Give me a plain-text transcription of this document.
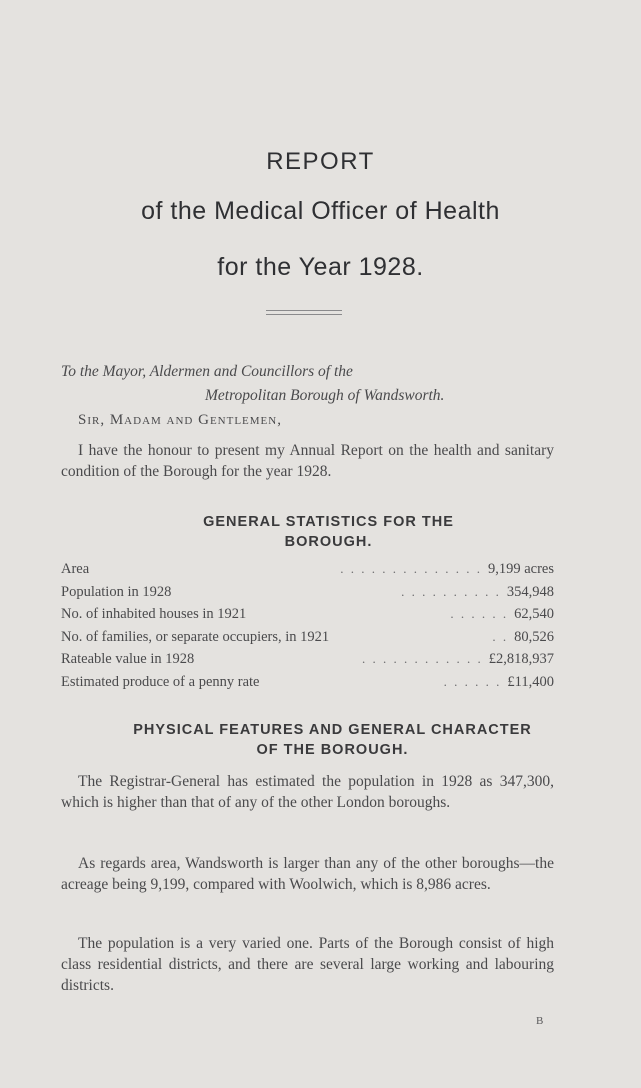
REPORT
of the Medical Officer of Health
for the Year 1928.
To the Mayor, Aldermen and Councillors of the
Metropolitan Borough of Wandsworth.
Sir, Madam and Gentlemen,
I have the honour to present my Annual Report on the health and sanitary condition of the Borough for the year 1928.
GENERAL STATISTICS FOR THE
BOROUGH.
Area	. . . . . . . . . . . . . . 9,199 acres
Population in 1928	. . . . . . . . . . 354,948
No. of inhabited houses in 1921	. . . . . . 62,540
No. of families, or separate occupiers, in 1921	. . 80,526
Rateable value in 1928	. . . . . . . . . . . . £2,818,937
Estimated produce of a penny rate	. . . . . . £11,400
PHYSICAL FEATURES AND GENERAL CHARACTER
OF THE BOROUGH.
The Registrar-General has estimated the population in 1928 as 347,300, which is higher than that of any of the other London boroughs.
As regards area, Wandsworth is larger than any of the other boroughs—the acreage being 9,199, compared with Woolwich, which is 8,986 acres.
The population is a very varied one. Parts of the Borough consist of high class residential districts, and there are several large working and labouring districts.
B
